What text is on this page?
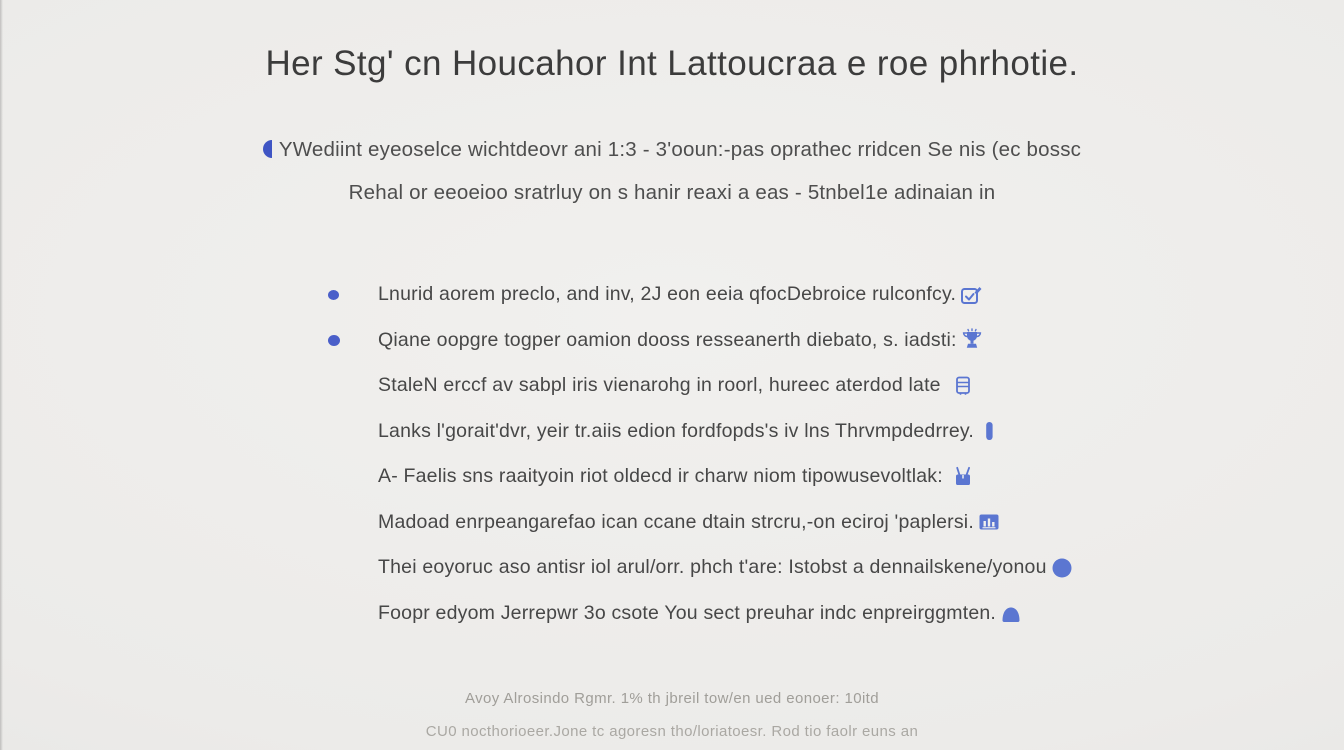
Her Stg' cn Houcahor Int Lattoucraa e roe phrhotie.
YWediint eyeoselce wichtdeovr ani 1:3 - 3'ooun:-pas oprathec rridcen Se nis (ec bossc
Rehal or eeoeioo sratrluy on s hanir reaxi a eas - 5tnbel1e adinaian in
Lnurid aorem preclo, and inv, 2J eon eeia qfocDebroice rulconfcy.
Qiane oopgre togper oamion dooss resseanerth diebato, s. iadsti:
StaleN erccf av sabpl iris vienarohg in roorl, hureec aterdod late
Lanks l'gorait'dvr, yeir tr.aiis edion fordfopds's iv lns Thrvmpdedrrey.
A- Faelis sns raaityoin riot oldecd ir charw niom tipowusevoltlak:
Madoad enrpeangarefao ican ccane dtain strcru,-on eciroj 'paplersi.
Thei eoyoruc aso antisr iol arul/orr. phch t'are: Istobst a dennailskene/yonou
Foopr edyom Jerrepwr 3o csote You sect preuhar indc enpreirggmten.
Avoy Alrosindo Rgmr. 1% th jbreil tow/en ued eonoer: 10itd
CU0 nocthorioeer.Jone tc agoresn tho/loriatoesr. Rod tio faolr euns an
